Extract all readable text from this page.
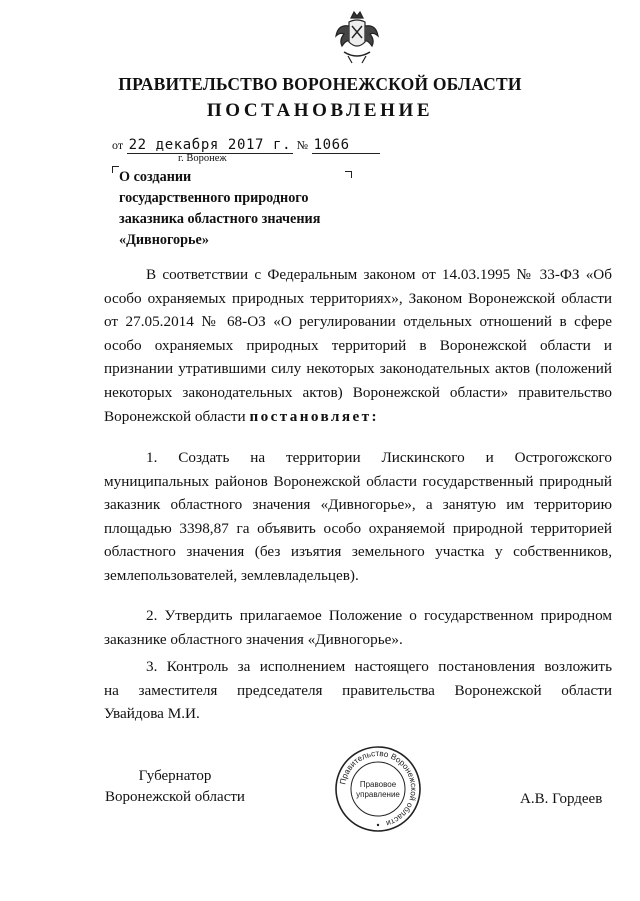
ПРАВИТЕЛЬСТВО ВОРОНЕЖСКОЙ ОБЛАСТИ
ПОСТАНОВЛЕНИЕ
от 22 декабря 2017 г. № 1066
г. Воронеж
О создании
государственного природного
заказника областного значения
«Дивногорье»
В соответствии с Федеральным законом от 14.03.1995 № 33-ФЗ «Об
особо охраняемых природных территориях», Законом Воронежской области
от 27.05.2014 № 68-ОЗ «О регулировании отдельных отношений в сфере
особо охраняемых природных территорий в Воронежской области и
признании утратившими силу некоторых законодательных актов (положений
некоторых законодательных актов) Воронежской области» правительство
Воронежской области постановляет:
1. Создать на территории Лискинского и Острогожского
муниципальных районов Воронежской области государственный природный
заказник областного значения «Дивногорье», а занятую им территорию
площадью 3398,87 га объявить особо охраняемой природной территорией
областного значения (без изъятия земельного участка у собственников,
землепользователей, землевладельцев).
2. Утвердить прилагаемое Положение о государственном природном
заказнике областного значения «Дивногорье».
3. Контроль за исполнением настоящего постановления возложить
на заместителя председателя правительства Воронежской области
Увайдова М.И.
Губернатор
Воронежской области	А.В. Гордеев
Правительство Воронежской области
Правовое
управление
